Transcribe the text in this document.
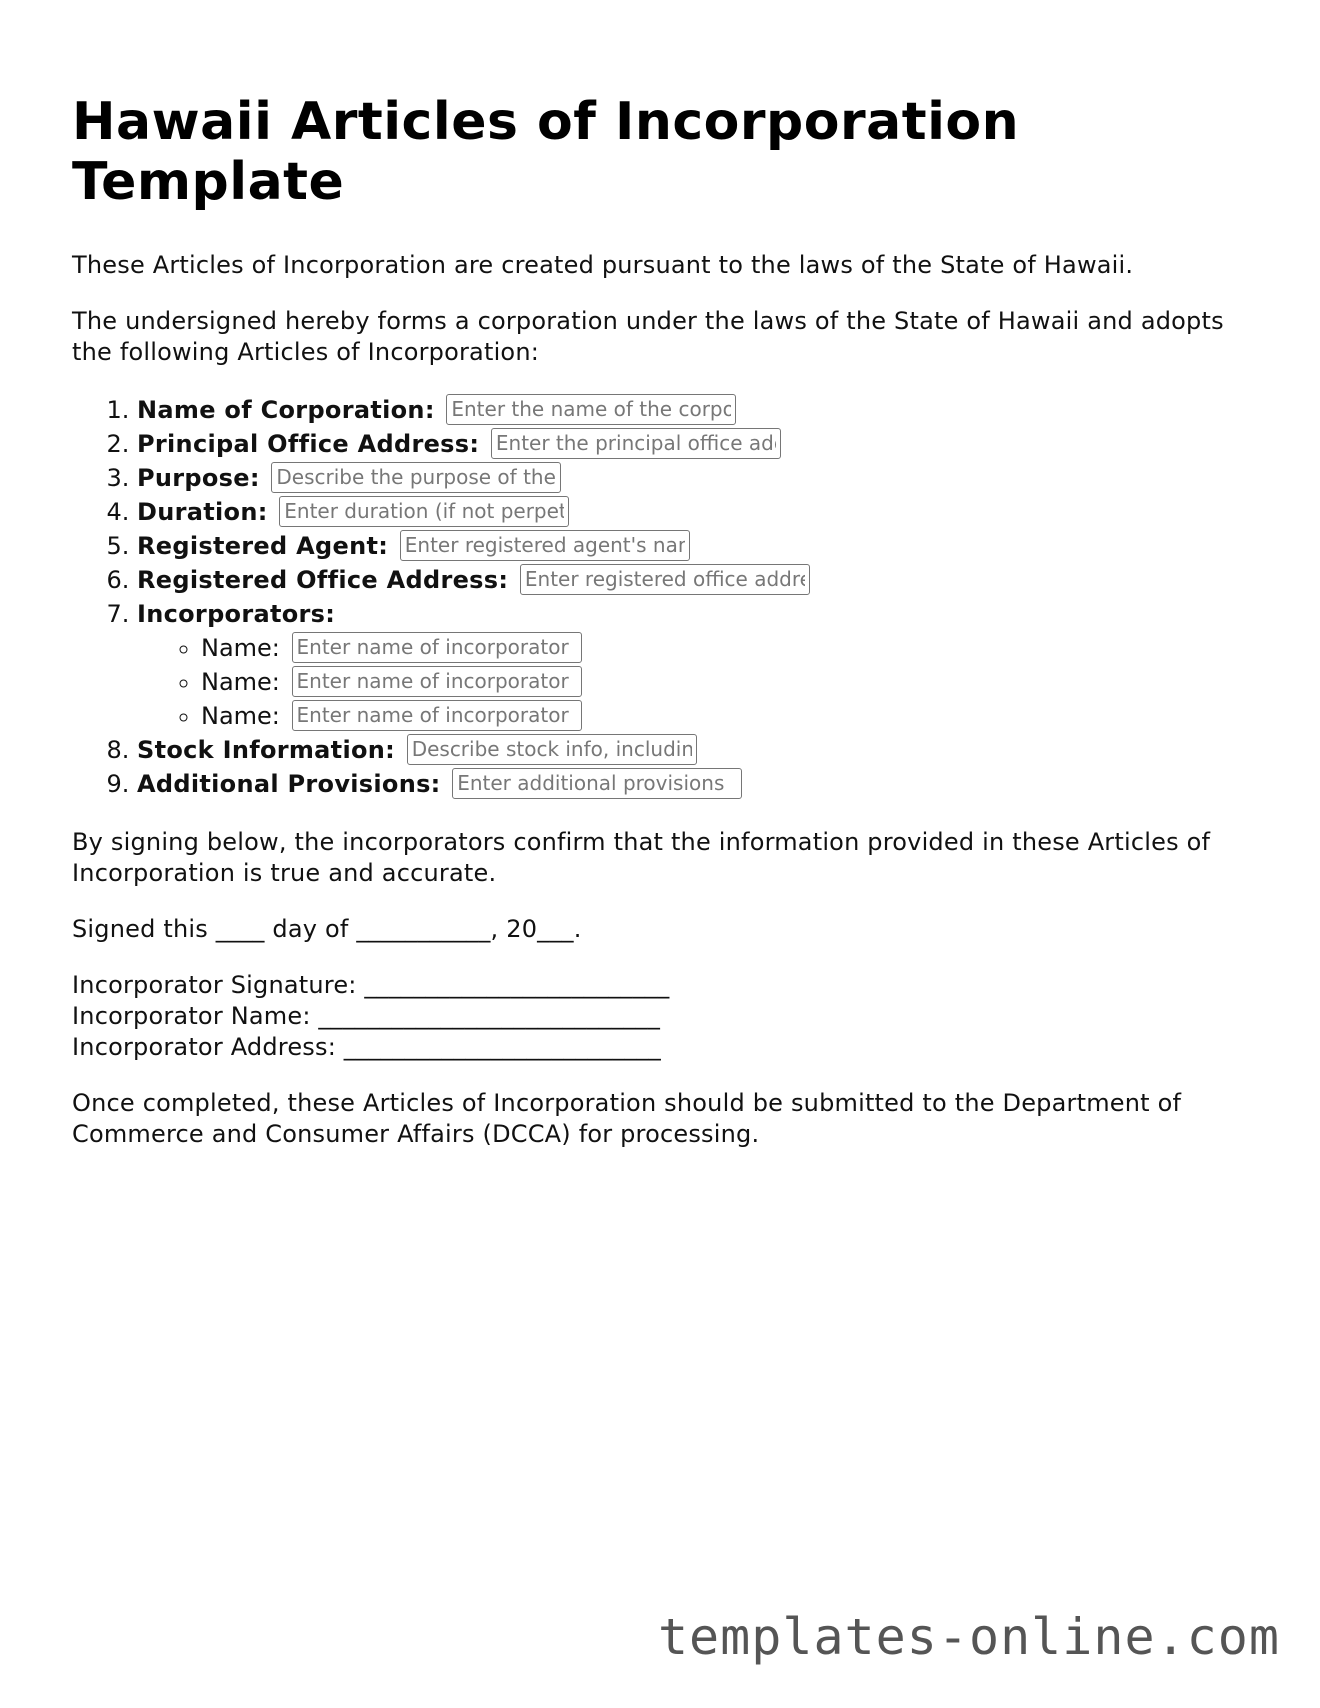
Hawaii Articles of Incorporation Template

These Articles of Incorporation are created pursuant to the laws of the State of Hawaii.

The undersigned hereby forms a corporation under the laws of the State of Hawaii and adopts the following Articles of Incorporation:

1. Name of Corporation: Enter the name of the corporation
2. Principal Office Address: Enter the principal office address
3. Purpose: Describe the purpose of the corporation
4. Duration: Enter duration (if not perpetual)
5. Registered Agent: Enter registered agent's name
6. Registered Office Address: Enter registered office address
7. Incorporators:
◦ Name: Enter name of incorporator
◦ Name: Enter name of incorporator
◦ Name: Enter name of incorporator
8. Stock Information: Describe stock info, including classes
9. Additional Provisions: Enter additional provisions

By signing below, the incorporators confirm that the information provided in these Articles of Incorporation is true and accurate.

Signed this ____ day of ___________, 20___.

Incorporator Signature: _________________________
Incorporator Name: ____________________________
Incorporator Address: __________________________

Once completed, these Articles of Incorporation should be submitted to the Department of Commerce and Consumer Affairs (DCCA) for processing.

templates-online.com
